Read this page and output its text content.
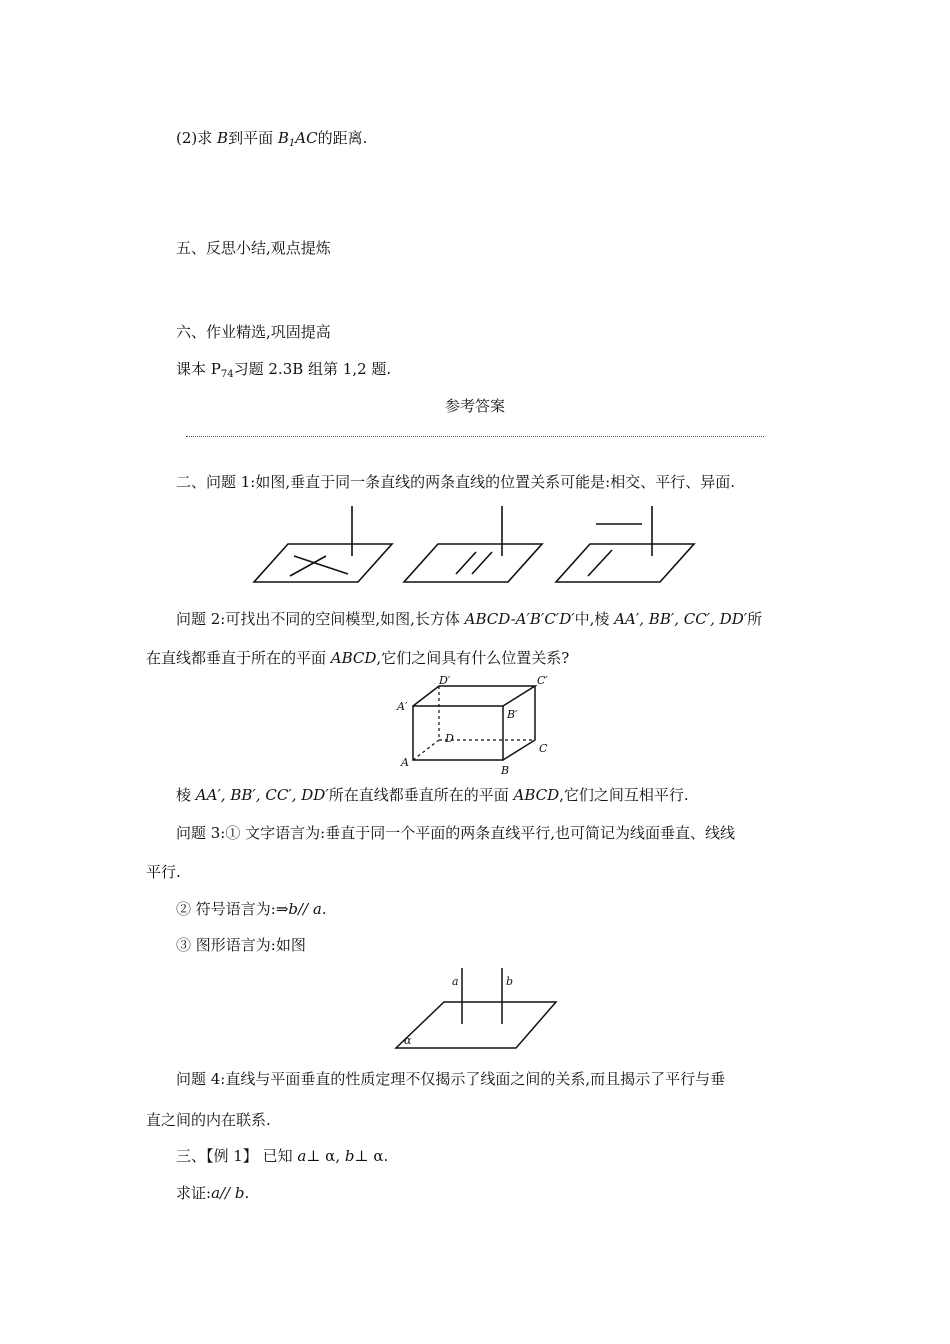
(2)求 B到平面 $B_1AC$的距离.
五、反思小结,观点提炼
六、作业精选,巩固提高
课本 $P_{74}$习题 2.3B 组第 1,2 题.
参考答案
二、问题 1:如图,垂直于同一条直线的两条直线的位置关系可能是:相交、平行、异面.
问题 2:可找出不同的空间模型,如图,长方体 ABCD-A′B′C′D′中,棱 AA′, BB′, CC′, DD′所
在直线都垂直于所在的平面 ABCD,它们之间具有什么位置关系?
D′	C′
A′
B′
D
C
A
B
棱 AA′, BB′, CC′, DD′所在直线都垂直所在的平面 ABCD,它们之间互相平行.
问题 3:① 文字语言为:垂直于同一个平面的两条直线平行,也可简记为线面垂直、线线
平行.
② 符号语言为:⇒b// a.
③ 图形语言为:如图
a	b
α
问题 4:直线与平面垂直的性质定理不仅揭示了线面之间的关系,而且揭示了平行与垂
直之间的内在联系.
三、【例 1】 已知 a⊥ α, b⊥ α.
求证:a// b.
